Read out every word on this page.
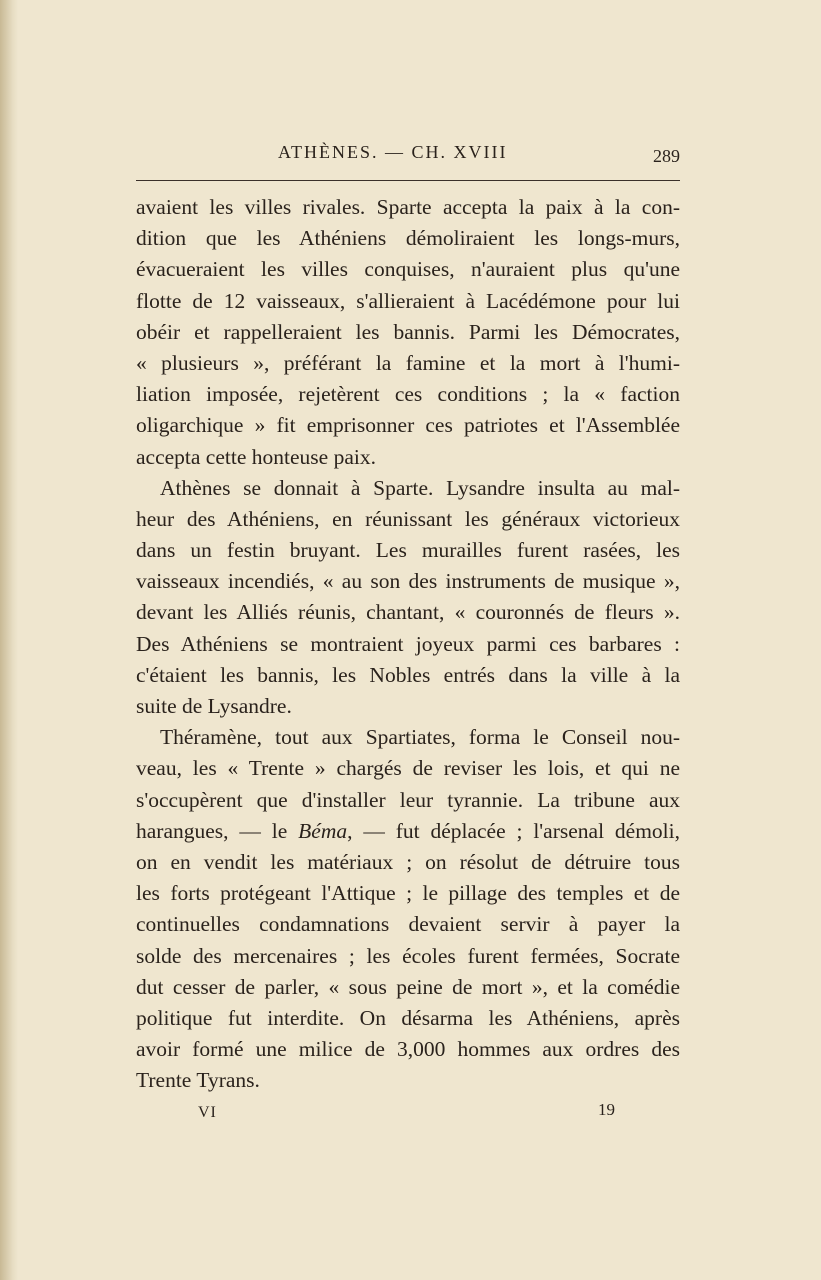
ATHÈNES. — CH. XVIII	289
avaient les villes rivales. Sparte accepta la paix à la con-
dition que les Athéniens démoliraient les longs-murs,
évacueraient les villes conquises, n'auraient plus qu'une
flotte de 12 vaisseaux, s'allieraient à Lacédémone pour lui
obéir et rappelleraient les bannis. Parmi les Démocrates,
« plusieurs », préférant la famine et la mort à l'humi-
liation imposée, rejetèrent ces conditions ; la « faction
oligarchique » fit emprisonner ces patriotes et l'Assemblée
accepta cette honteuse paix.
Athènes se donnait à Sparte. Lysandre insulta au mal-
heur des Athéniens, en réunissant les généraux victorieux
dans un festin bruyant. Les murailles furent rasées, les
vaisseaux incendiés, « au son des instruments de musique »,
devant les Alliés réunis, chantant, « couronnés de fleurs ».
Des Athéniens se montraient joyeux parmi ces barbares :
c'étaient les bannis, les Nobles entrés dans la ville à la
suite de Lysandre.
Théramène, tout aux Spartiates, forma le Conseil nou-
veau, les « Trente » chargés de reviser les lois, et qui ne
s'occupèrent que d'installer leur tyrannie. La tribune aux
harangues, — le Béma, — fut déplacée ; l'arsenal démoli,
on en vendit les matériaux ; on résolut de détruire tous
les forts protégeant l'Attique ; le pillage des temples et de
continuelles condamnations devaient servir à payer la
solde des mercenaires ; les écoles furent fermées, Socrate
dut cesser de parler, « sous peine de mort », et la comédie
politique fut interdite. On désarma les Athéniens, après
avoir formé une milice de 3,000 hommes aux ordres des
Trente Tyrans.
VI	19
